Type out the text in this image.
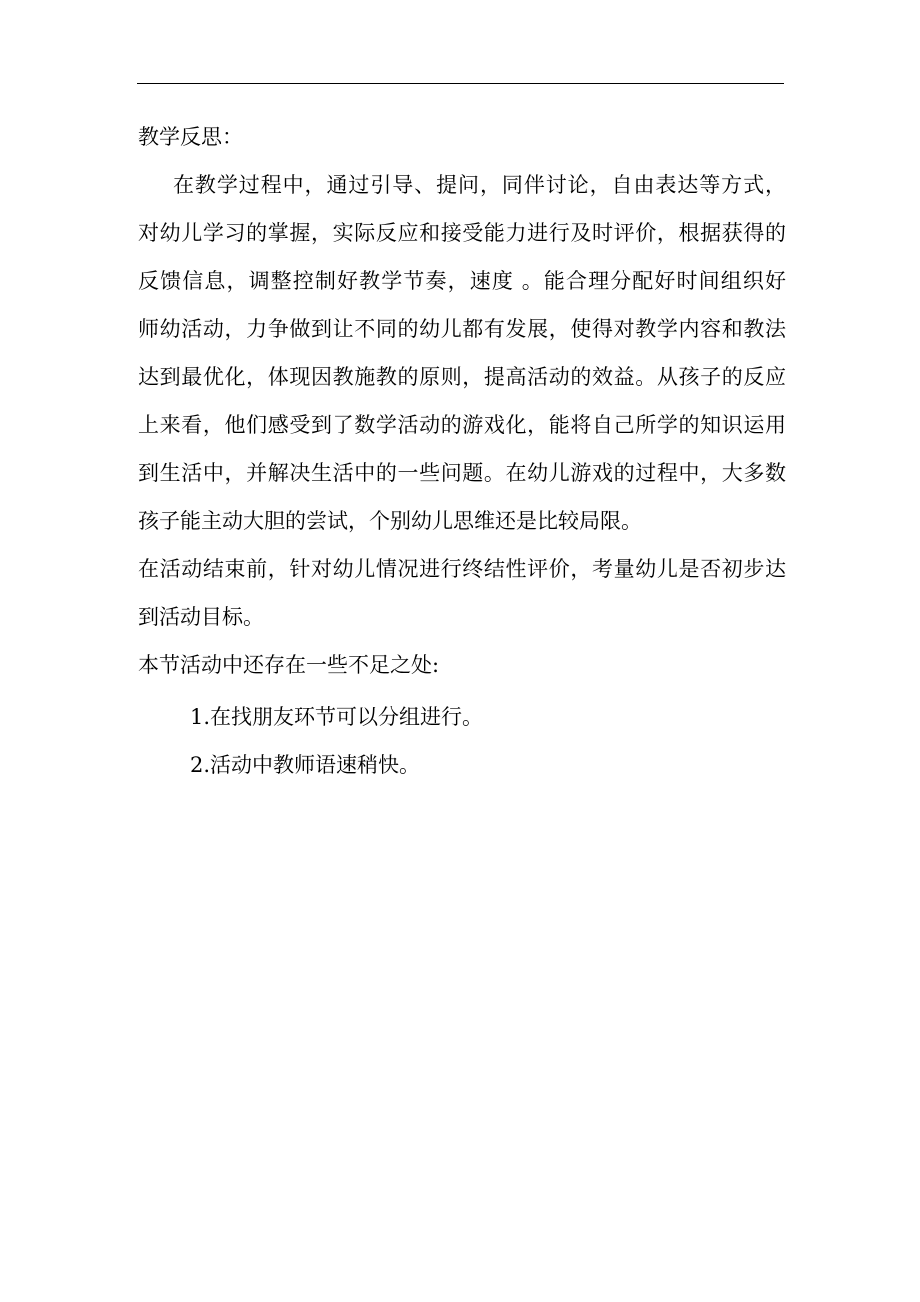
教学反思：

在教学过程中，通过引导、提问，同伴讨论，自由表达等方式，
对幼儿学习的掌握，实际反应和接受能力进行及时评价，根据获得的
反馈信息，调整控制好教学节奏，速度 。能合理分配好时间组织好
师幼活动，力争做到让不同的幼儿都有发展，使得对教学内容和教法
达到最优化，体现因教施教的原则，提高活动的效益。从孩子的反应
上来看，他们感受到了数学活动的游戏化，能将自己所学的知识运用
到生活中，并解决生活中的一些问题。在幼儿游戏的过程中，大多数
孩子能主动大胆的尝试，个别幼儿思维还是比较局限。
在活动结束前，针对幼儿情况进行终结性评价，考量幼儿是否初步达
到活动目标。

本节活动中还存在一些不足之处:

1.在找朋友环节可以分组进行。

2.活动中教师语速稍快。
